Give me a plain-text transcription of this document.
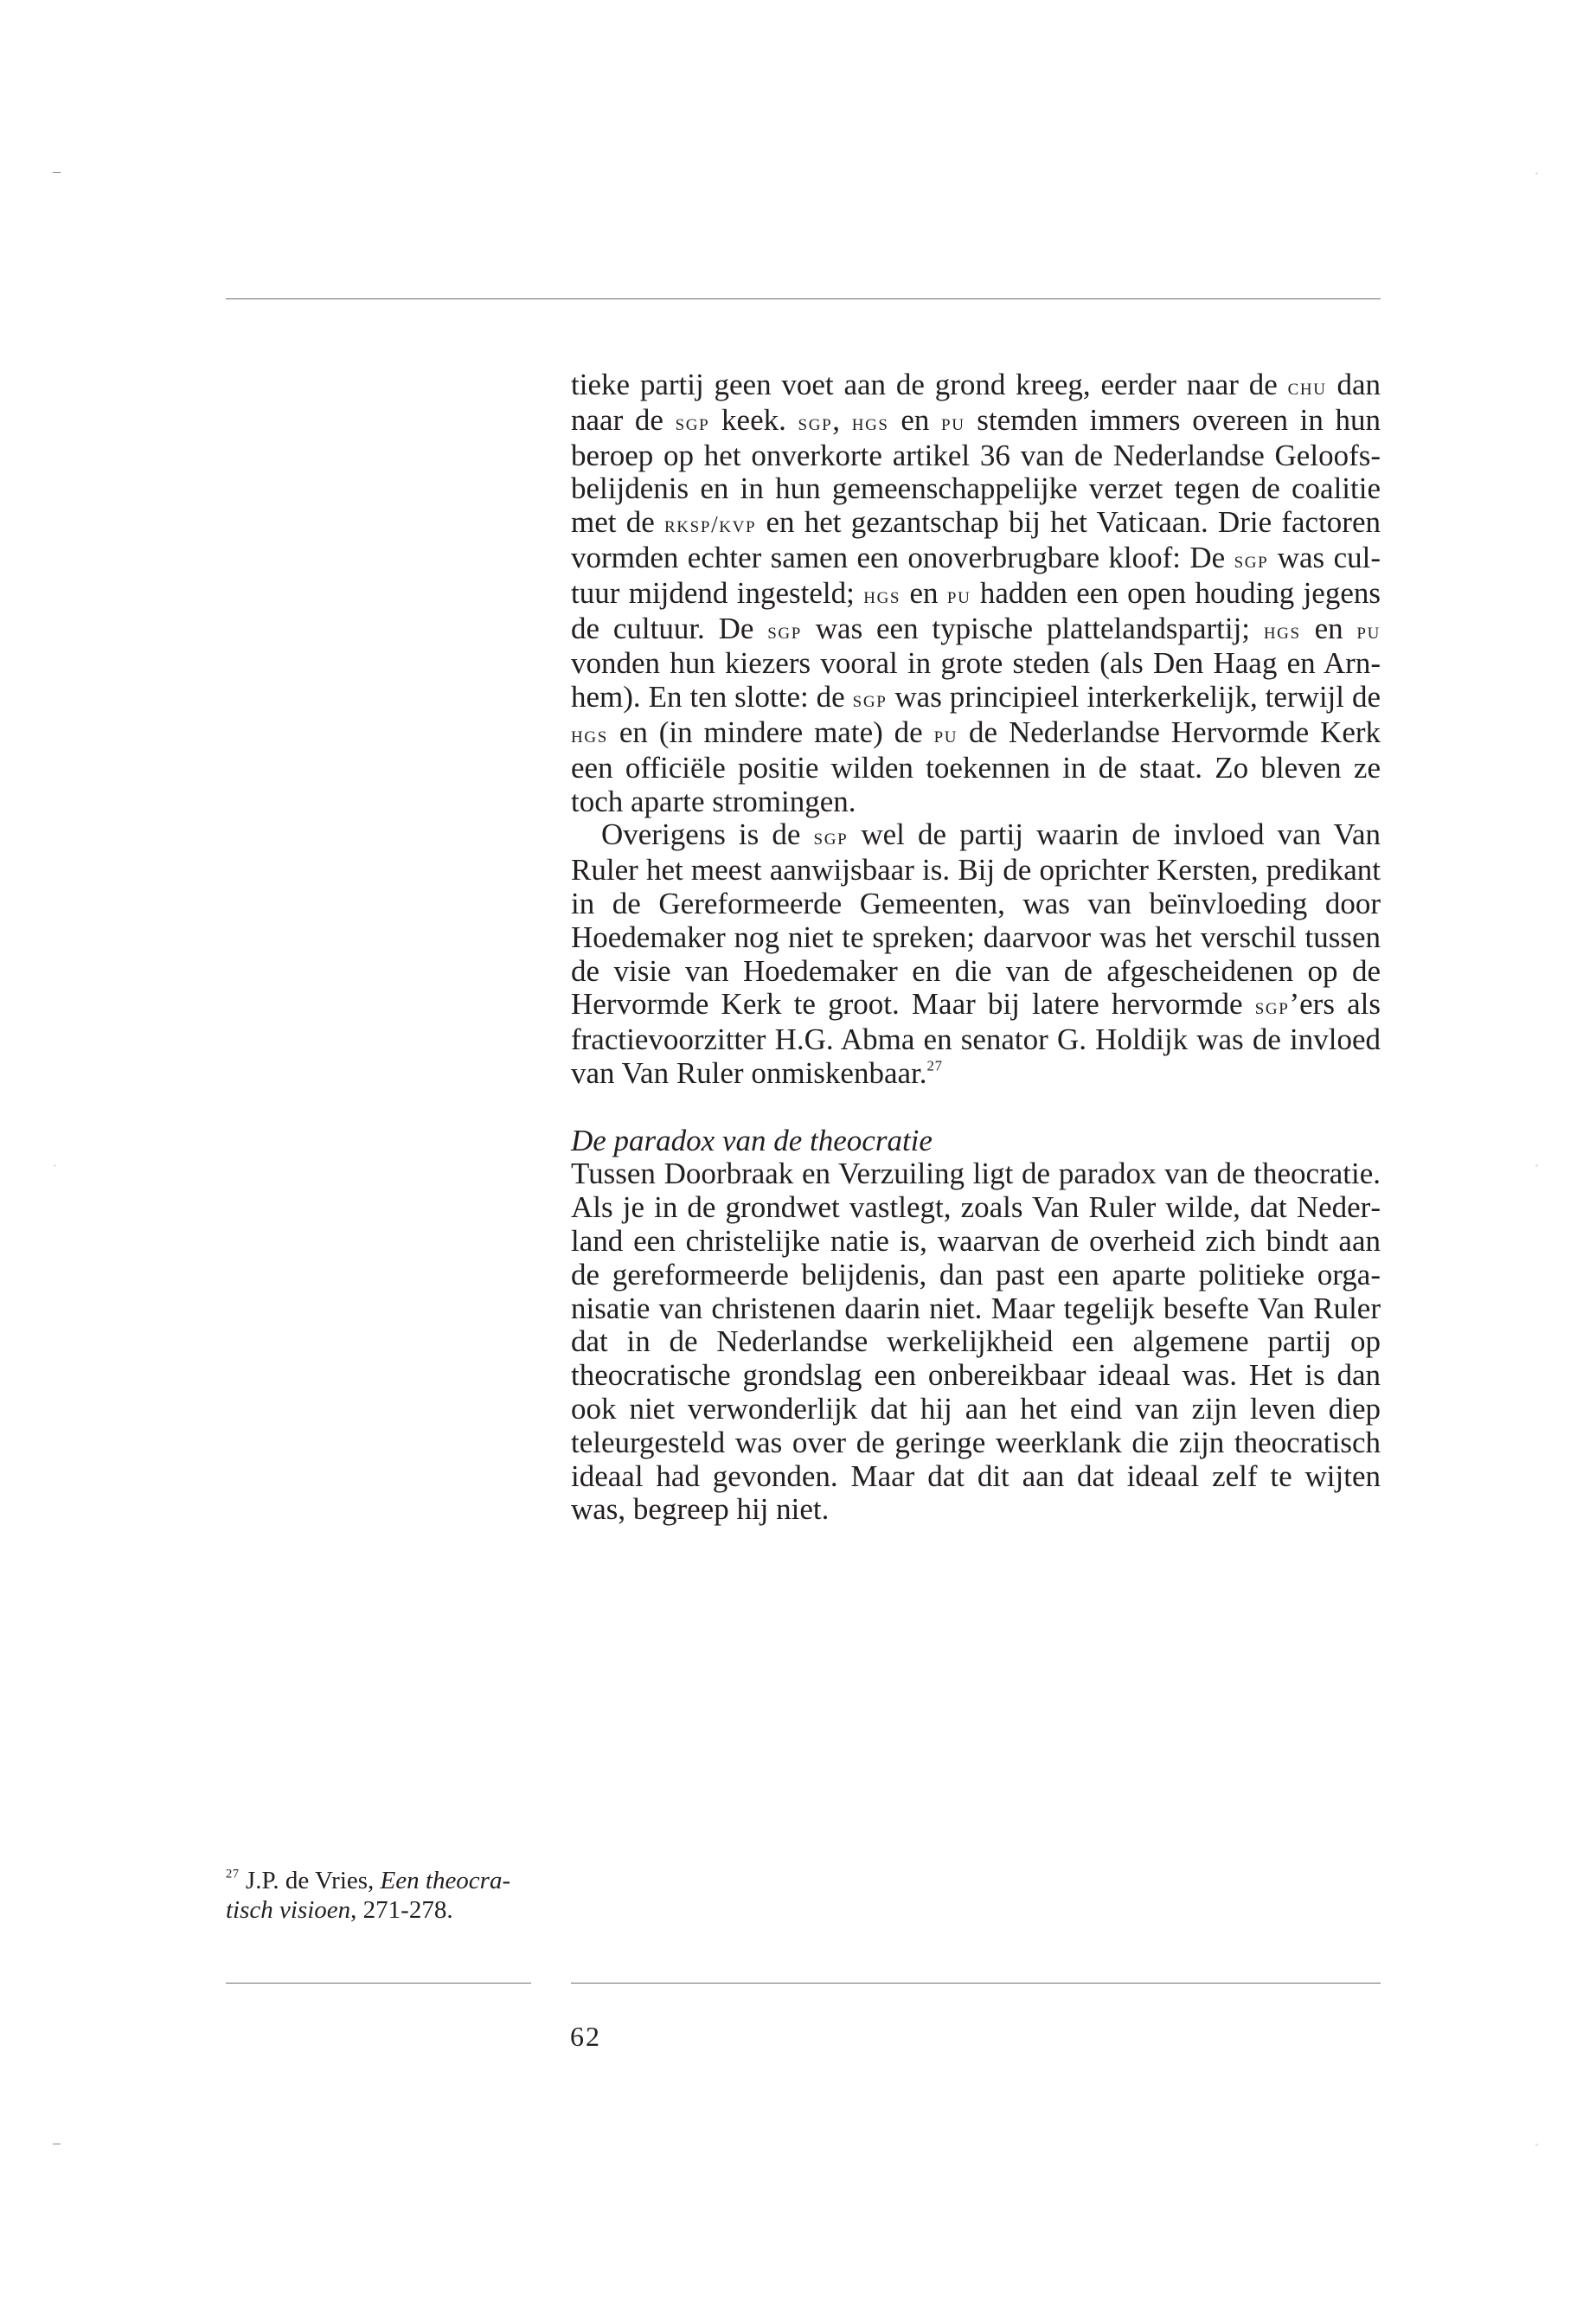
tieke partij geen voet aan de grond kreeg, eerder naar de chu dan naar de sgp keek. sgp, hgs en pu stemden immers overeen in hun beroep op het onverkorte artikel 36 van de Nederlandse Geloofsbelijdenis en in hun gemeenschappelijke verzet tegen de coalitie met de rksp/kvp en het gezantschap bij het Vaticaan. Drie factoren vormden echter samen een onoverbrugbare kloof: De sgp was cultuur mijdend ingesteld; hgs en pu hadden een open houding jegens de cultuur. De sgp was een typische plattelandspartij; hgs en pu vonden hun kiezers vooral in grote steden (als Den Haag en Arnhem). En ten slotte: de sgp was principieel interkerkelijk, terwijl de hgs en (in mindere mate) de pu de Nederlandse Hervormde Kerk een officiële positie wilden toekennen in de staat. Zo bleven ze toch aparte stromingen.

Overigens is de sgp wel de partij waarin de invloed van Van Ruler het meest aanwijsbaar is. Bij de oprichter Kersten, predikant in de Gereformeerde Gemeenten, was van beïnvloeding door Hoedemaker nog niet te spreken; daarvoor was het verschil tussen de visie van Hoedemaker en die van de afgescheidenen op de Hervormde Kerk te groot. Maar bij latere hervormde sgp’ers als fractievoorzitter H.G. Abma en senator G. Holdijk was de invloed van Van Ruler onmiskenbaar.$^{27}$

De paradox van de theocratie

Tussen Doorbraak en Verzuiling ligt de paradox van de theocratie. Als je in de grondwet vastlegt, zoals Van Ruler wilde, dat Nederland een christelijke natie is, waarvan de overheid zich bindt aan de gereformeerde belijdenis, dan past een aparte politieke organisatie van christenen daarin niet. Maar tegelijk besefte Van Ruler dat in de Nederlandse werkelijkheid een algemene partij op theocratische grondslag een onbereikbaar ideaal was. Het is dan ook niet verwonderlijk dat hij aan het eind van zijn leven diep teleurgesteld was over de geringe weerklank die zijn theocratisch ideaal had gevonden. Maar dat dit aan dat ideaal zelf te wijten was, begreep hij niet.

$^{27}$ J.P. de Vries, Een theocratisch visioen, 271-278.
62
